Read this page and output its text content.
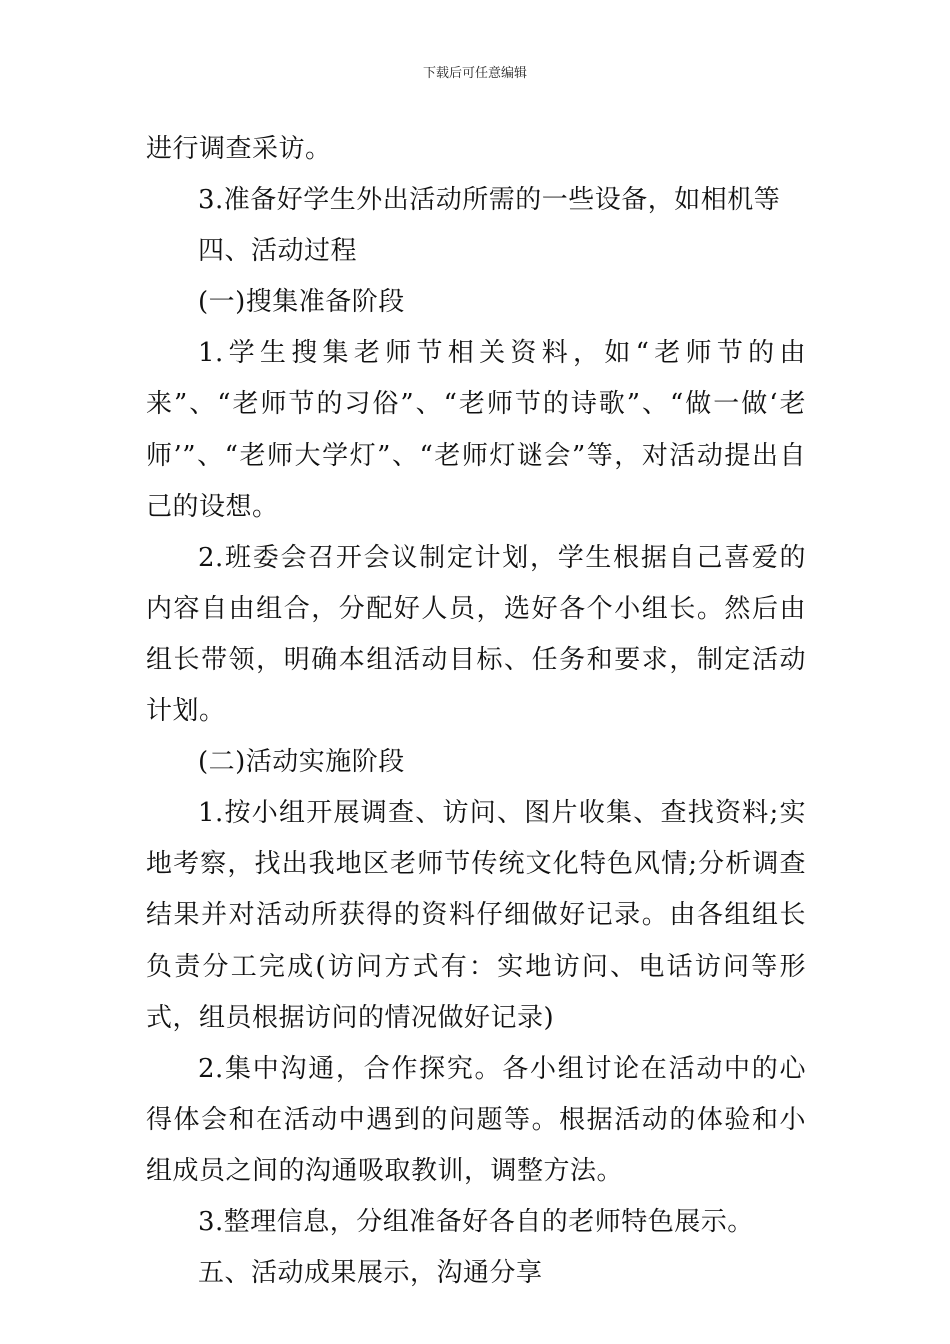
下载后可任意编辑

进行调查采访。

3.准备好学生外出活动所需的一些设备，如相机等

四、活动过程

(一)搜集准备阶段

1.学生搜集老师节相关资料，如“老师节的由来”、“老师节的习俗”、“老师节的诗歌”、“做一做‘老师’”、“老师大学灯”、“老师灯谜会”等，对活动提出自己的设想。

2.班委会召开会议制定计划，学生根据自己喜爱的内容自由组合，分配好人员，选好各个小组长。然后由组长带领，明确本组活动目标、任务和要求，制定活动计划。

(二)活动实施阶段

1.按小组开展调查、访问、图片收集、查找资料;实地考察，找出我地区老师节传统文化特色风情;分析调查结果并对活动所获得的资料仔细做好记录。由各组组长负责分工完成(访问方式有：实地访问、电话访问等形式，组员根据访问的情况做好记录)

2.集中沟通，合作探究。各小组讨论在活动中的心得体会和在活动中遇到的问题等。根据活动的体验和小组成员之间的沟通吸取教训，调整方法。

3.整理信息，分组准备好各自的老师特色展示。

五、活动成果展示，沟通分享
